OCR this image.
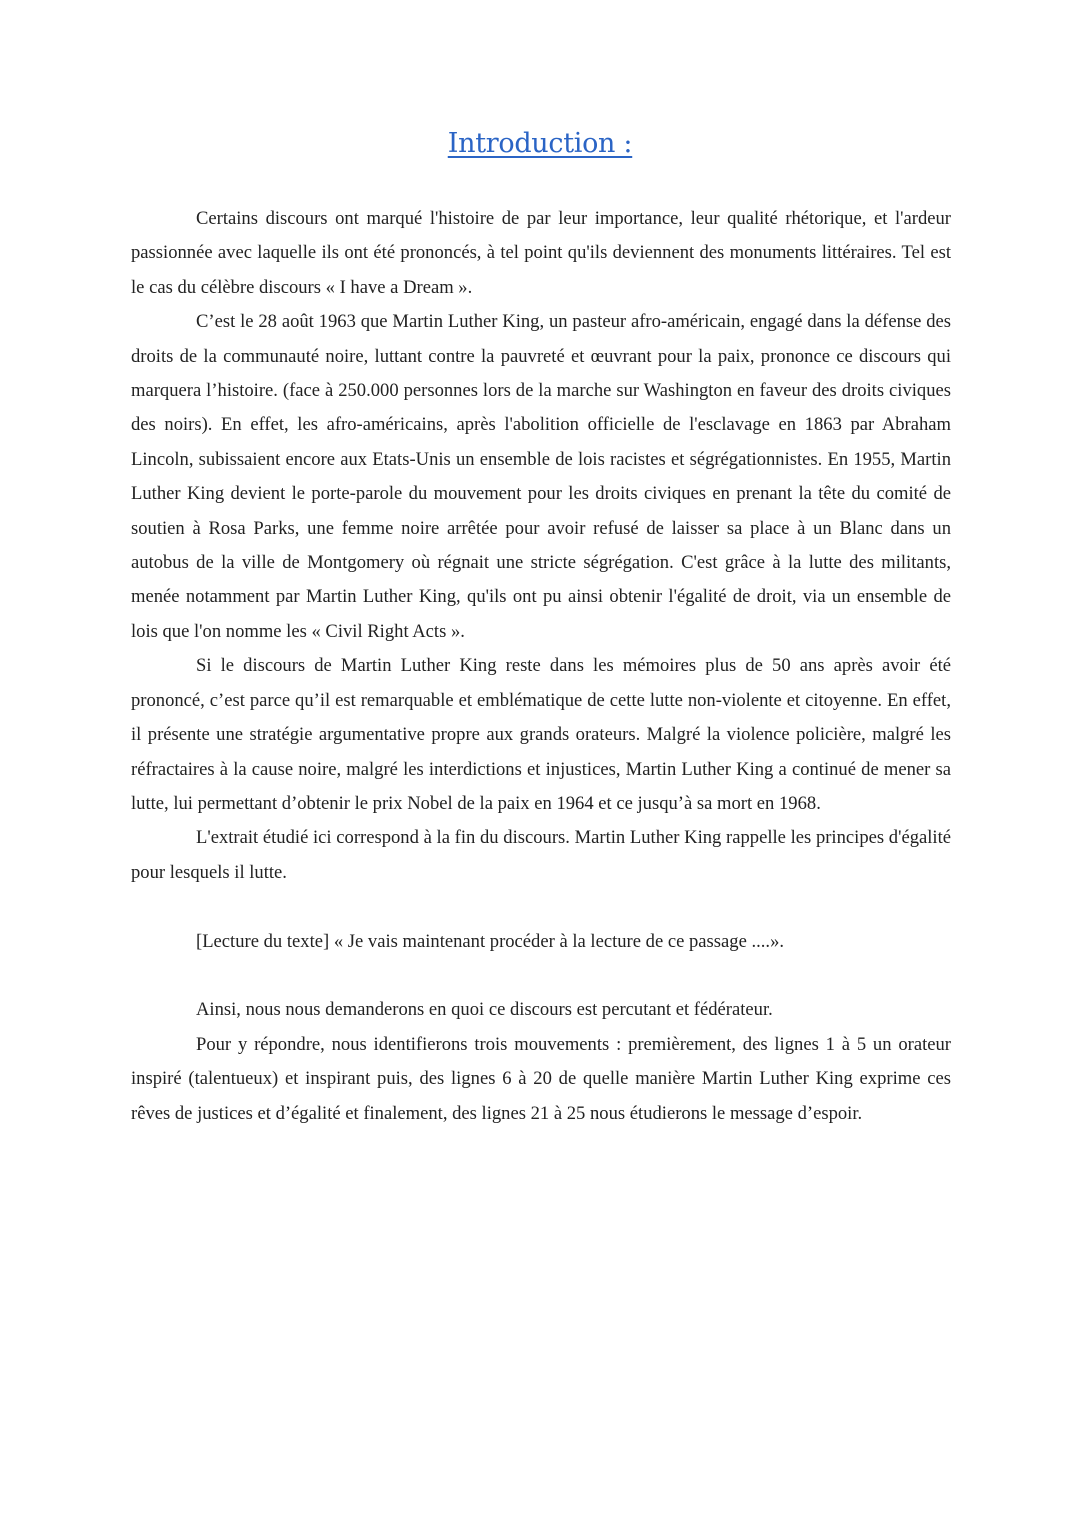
Introduction :

Certains discours ont marqué l'histoire de par leur importance, leur qualité rhétorique, et l'ardeur passionnée avec laquelle ils ont été prononcés, à tel point qu'ils deviennent des monuments littéraires. Tel est le cas du célèbre discours « I have a Dream ».

C’est le 28 août 1963 que Martin Luther King, un pasteur afro-américain, engagé dans la défense des droits de la communauté noire, luttant contre la pauvreté et œuvrant pour la paix, prononce ce discours qui marquera l’histoire. (face à 250.000 personnes lors de la marche sur Washington en faveur des droits civiques des noirs). En effet, les afro-américains, après l'abolition officielle de l'esclavage en 1863 par Abraham Lincoln, subissaient encore aux Etats-Unis un ensemble de lois racistes et ségrégationnistes. En 1955, Martin Luther King devient le porte-parole du mouvement pour les droits civiques en prenant la tête du comité de soutien à Rosa Parks, une femme noire arrêtée pour avoir refusé de laisser sa place à un Blanc dans un autobus de la ville de Montgomery où régnait une stricte ségrégation. C'est grâce à la lutte des militants, menée notamment par Martin Luther King, qu'ils ont pu ainsi obtenir l'égalité de droit, via un ensemble de lois que l'on nomme les « Civil Right Acts ».

Si le discours de Martin Luther King reste dans les mémoires plus de 50 ans après avoir été prononcé, c’est parce qu’il est remarquable et emblématique de cette lutte non-violente et citoyenne. En effet, il présente une stratégie argumentative propre aux grands orateurs. Malgré la violence policière, malgré les réfractaires à la cause noire, malgré les interdictions et injustices, Martin Luther King a continué de mener sa lutte, lui permettant d’obtenir le prix Nobel de la paix en 1964 et ce jusqu’à sa mort en 1968.

L'extrait étudié ici correspond à la fin du discours. Martin Luther King rappelle les principes d'égalité pour lesquels il lutte.

[Lecture du texte] « Je vais maintenant procéder à la lecture de ce passage ....».

Ainsi, nous nous demanderons en quoi ce discours est percutant et fédérateur.

Pour y répondre, nous identifierons trois mouvements : premièrement, des lignes 1 à 5 un orateur inspiré (talentueux) et inspirant puis, des lignes 6 à 20 de quelle manière Martin Luther King exprime ces rêves de justices et d’égalité et finalement, des lignes 21 à 25 nous étudierons le message d’espoir.
